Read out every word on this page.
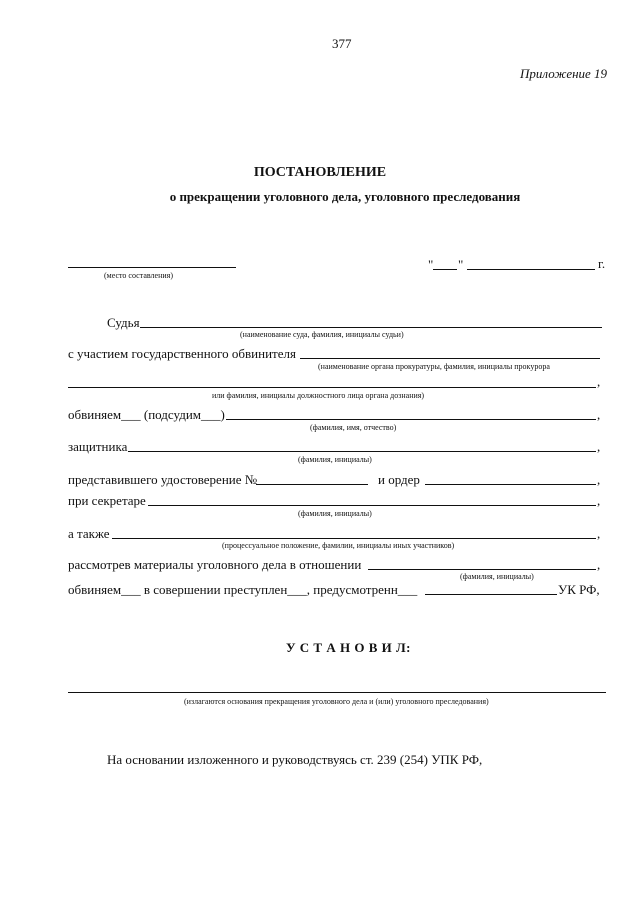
377
Приложение 19
ПОСТАНОВЛЕНИЕ
о прекращении уголовного дела, уголовного преследования
(место составления)
" "	г.
Судья
(наименование суда, фамилия, инициалы судьи)
с участием государственного обвинителя
(наименование органа прокуратуры, фамилия, инициалы прокурора
,
или фамилия, инициалы должностного лица органа дознания)
обвиняем___ (подсудим___)	,
(фамилия, имя, отчество)
защитника	,
(фамилия, инициалы)
представившего удостоверение №	и ордер	,
при секретаре	,
(фамилия, инициалы)
а также	,
(процессуальное положение, фамилии, инициалы иных участников)
рассмотрев материалы уголовного дела в отношении	,
(фамилия, инициалы)
обвиняем___ в совершении преступлен___, предусмотренн___	УК РФ,
У С Т А Н О В И Л:
(излагаются основания прекращения уголовного дела и (или) уголовного преследования)
На основании изложенного и руководствуясь ст. 239 (254) УПК РФ,
